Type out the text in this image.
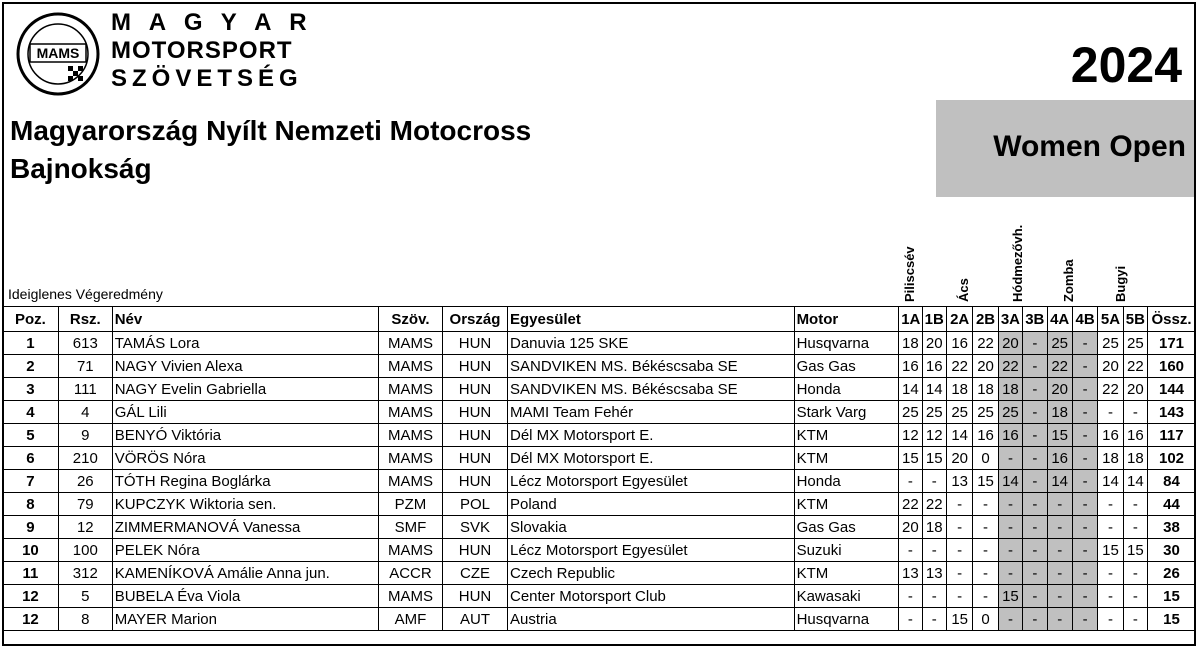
MAMS
M A G Y A R
MOTORSPORT
SZÖVETSÉG	2024
Magyarország Nyílt Nemzeti Motocross
Bajnokság
Women Open
Ideiglenes Végeredmény	Piliscsév	Ács	Hódmezővh.	Zomba	Bugyi
Poz.	Rsz.	Név	Szöv.	Ország	Egyesület	Motor	1A	1B	2A	2B	3A	3B	4A	4B	5A	5B	Össz.
1	613	TAMÁS Lora	MAMS	HUN	Danuvia 125 SKE	Husqvarna	18	20	16	22	20	-	25	-	25	25	171
2	71	NAGY Vivien Alexa	MAMS	HUN	SANDVIKEN MS. Békéscsaba SE	Gas Gas	16	16	22	20	22	-	22	-	20	22	160
3	111	NAGY Evelin Gabriella	MAMS	HUN	SANDVIKEN MS. Békéscsaba SE	Honda	14	14	18	18	18	-	20	-	22	20	144
4	4	GÁL Lili	MAMS	HUN	MAMI Team Fehér	Stark Varg	25	25	25	25	25	-	18	-	-	-	143
5	9	BENYÓ Viktória	MAMS	HUN	Dél MX Motorsport E.	KTM	12	12	14	16	16	-	15	-	16	16	117
6	210	VÖRÖS Nóra	MAMS	HUN	Dél MX Motorsport E.	KTM	15	15	20	0	-	-	16	-	18	18	102
7	26	TÓTH Regina Boglárka	MAMS	HUN	Lécz Motorsport Egyesület	Honda	-	-	13	15	14	-	14	-	14	14	84
8	79	KUPCZYK Wiktoria sen.	PZM	POL	Poland	KTM	22	22	-	-	-	-	-	-	-	-	44
9	12	ZIMMERMANOVÁ Vanessa	SMF	SVK	Slovakia	Gas Gas	20	18	-	-	-	-	-	-	-	-	38
10	100	PELEK Nóra	MAMS	HUN	Lécz Motorsport Egyesület	Suzuki	-	-	-	-	-	-	-	-	15	15	30
11	312	KAMENÍKOVÁ Amálie Anna jun.	ACCR	CZE	Czech Republic	KTM	13	13	-	-	-	-	-	-	-	-	26
12	5	BUBELA Éva Viola	MAMS	HUN	Center Motorsport Club	Kawasaki	-	-	-	-	15	-	-	-	-	-	15
12	8	MAYER Marion	AMF	AUT	Austria	Husqvarna	-	-	15	0	-	-	-	-	-	-	15
